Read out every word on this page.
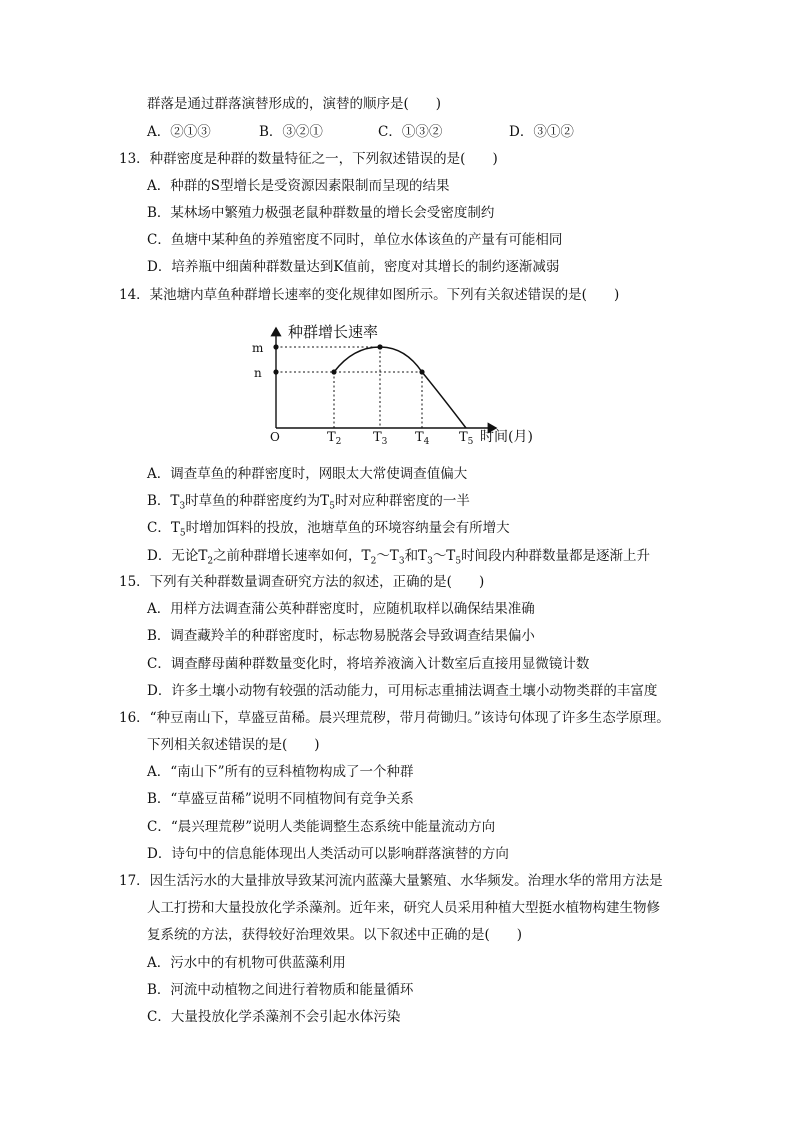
群落是通过群落演替形成的，演替的顺序是(　　)
A．②①③	B．③②①	C．①③②	D．③①②
13．种群密度是种群的数量特征之一，下列叙述错误的是(　　)
A．种群的S型增长是受资源因素限制而呈现的结果
B．某林场中繁殖力极强老鼠种群数量的增长会受密度制约
C．鱼塘中某种鱼的养殖密度不同时，单位水体该鱼的产量有可能相同
D．培养瓶中细菌种群数量达到K值前，密度对其增长的制约逐渐减弱
14．某池塘内草鱼种群增长速率的变化规律如图所示。下列有关叙述错误的是(　　)
种群增长速率
时间(月)
O
m
n
$T_2$ $T_3$ $T_4$ $T_5$
A．调查草鱼的种群密度时，网眼太大常使调查值偏大
B．$T_3$时草鱼的种群密度约为$T_5$时对应种群密度的一半
C．$T_5$时增加饵料的投放，池塘草鱼的环境容纳量会有所增大
D．无论$T_2$之前种群增长速率如何，$T_2\sim T_3$和$T_3\sim T_5$时间段内种群数量都是逐渐上升
15．下列有关种群数量调查研究方法的叙述，正确的是(　　)
A．用样方法调查蒲公英种群密度时，应随机取样以确保结果准确
B．调查藏羚羊的种群密度时，标志物易脱落会导致调查结果偏小
C．调查酵母菌种群数量变化时，将培养液滴入计数室后直接用显微镜计数
D．许多土壤小动物有较强的活动能力，可用标志重捕法调查土壤小动物类群的丰富度
16．“种豆南山下，草盛豆苗稀。晨兴理荒秽，带月荷锄归。”该诗句体现了许多生态学原理。
下列相关叙述错误的是(　　)
A．“南山下”所有的豆科植物构成了一个种群
B．“草盛豆苗稀”说明不同植物间有竞争关系
C．“晨兴理荒秽”说明人类能调整生态系统中能量流动方向
D．诗句中的信息能体现出人类活动可以影响群落演替的方向
17．因生活污水的大量排放导致某河流内蓝藻大量繁殖、水华频发。治理水华的常用方法是
人工打捞和大量投放化学杀藻剂。近年来，研究人员采用种植大型挺水植物构建生物修
复系统的方法，获得较好治理效果。以下叙述中正确的是(　　)
A．污水中的有机物可供蓝藻利用
B．河流中动植物之间进行着物质和能量循环
C．大量投放化学杀藻剂不会引起水体污染
